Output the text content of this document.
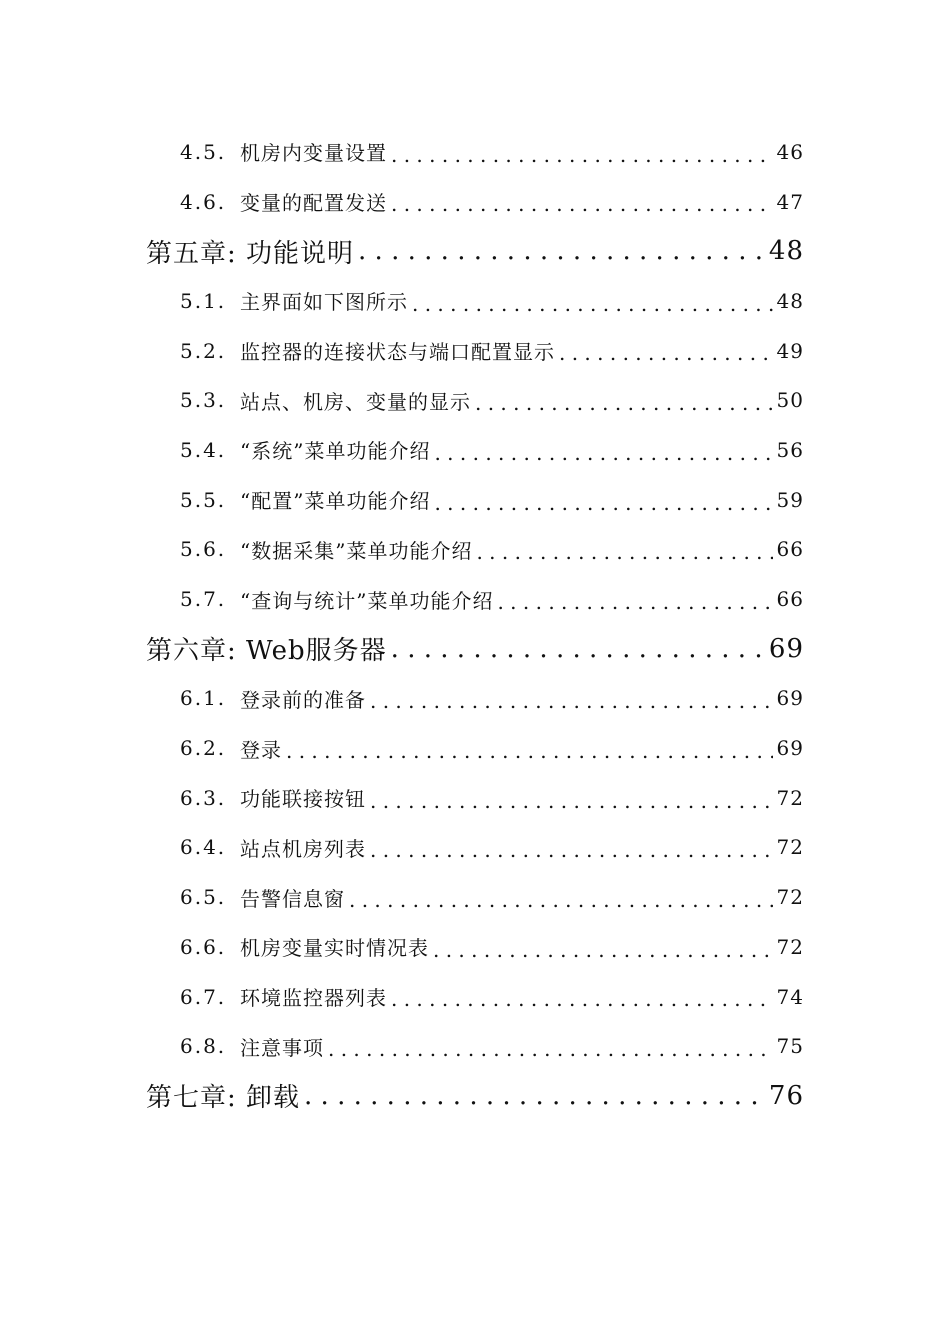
4.5. 机房内变量设置 . . .	46
4.6. 变量的配置发送 . . .	47
第五章: 功能说明 . . .	48
5.1. 主界面如下图所示 . . .	48
5.2. 监控器的连接状态与端口配置显示 . . .	49
5.3. 站点、机房、变量的显示 . . .	50
5.4. “系统”菜单功能介绍 . . .	56
5.5. “配置”菜单功能介绍 . . .	59
5.6. “数据采集”菜单功能介绍 . . .	66
5.7. “查询与统计”菜单功能介绍 . . .	66
第六章: Web服务器 . . .	69
6.1. 登录前的准备 . . .	69
6.2. 登录 . . .	69
6.3. 功能联接按钮 . . .	72
6.4. 站点机房列表 . . .	72
6.5. 告警信息窗 . . .	72
6.6. 机房变量实时情况表 . . .	72
6.7. 环境监控器列表 . . .	74
6.8. 注意事项 . . .	75
第七章: 卸载 . . .	76
